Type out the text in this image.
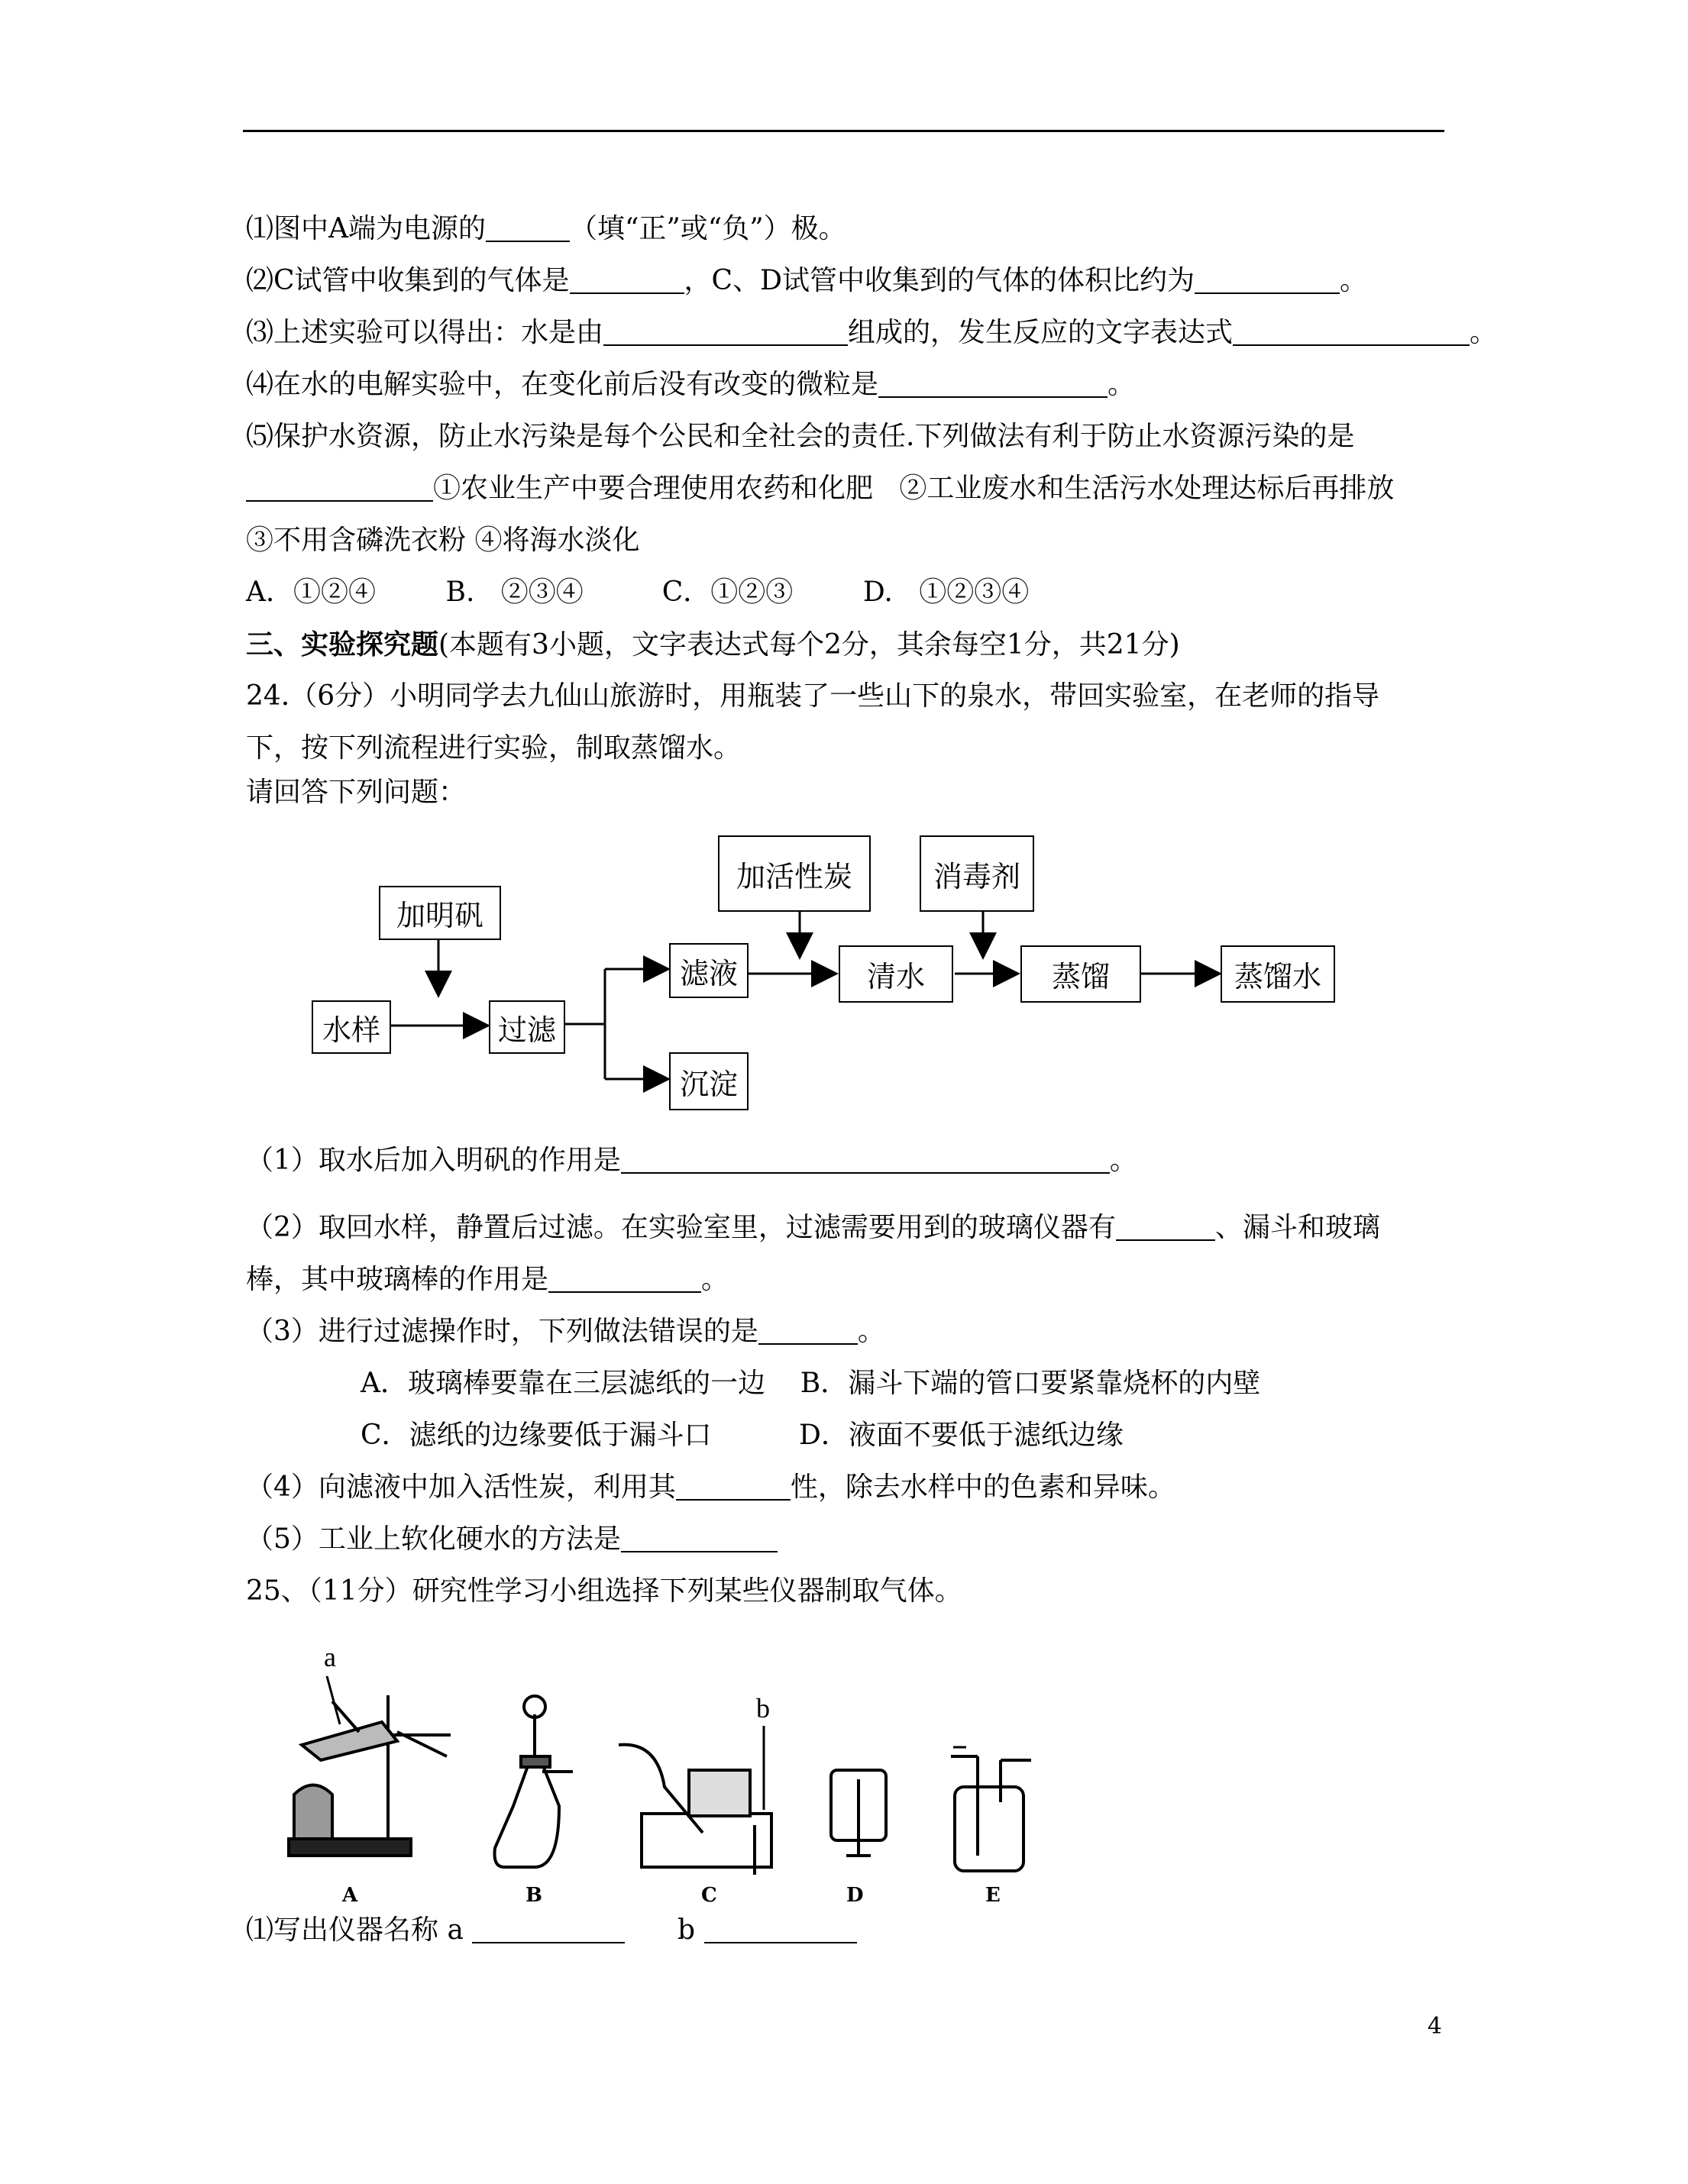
⑴图中A端为电源的	（填“正”或“负”）极。
⑵C试管中收集到的气体是	，C、D试管中收集到的气体的体积比约为	。
⑶上述实验可以得出：水是由	组成的，发生反应的文字表达式	。
⑷在水的电解实验中，在变化前后没有改变的微粒是	。
⑸保护水资源，防止水污染是每个公民和全社会的责任.下列做法有利于防止水资源污染的是
①农业生产中要合理使用农药和化肥   ②工业废水和生活污水处理达标后再排放
③不用含磷洗衣粉 ④将海水淡化
A．①②④        B.   ②③④         C．①②③        D.   ①②③④
三、实验探究题(本题有3小题，文字表达式每个2分，其余每空1分，共21分)
24.（6分）小明同学去九仙山旅游时，用瓶装了一些山下的泉水，带回实验室，在老师的指导
下，按下列流程进行实验，制取蒸馏水。
请回答下列问题：
加明矾
水样	过滤
滤液
沉淀
加活性炭
清水
消毒剂
蒸馏	蒸馏水
（1）取水后加入明矾的作用是	。
（2）取回水样，静置后过滤。在实验室里，过滤需要用到的玻璃仪器有	、漏斗和玻璃
棒，其中玻璃棒的作用是	。
（3）进行过滤操作时，下列做法错误的是	。
A．玻璃棒要靠在三层滤纸的一边 B．漏斗下端的管口要紧靠烧杯的内壁
C．滤纸的边缘要低于漏斗口	D．液面不要低于滤纸边缘
（4）向滤液中加入活性炭，利用其	性，除去水样中的色素和异味。
（5）工业上软化硬水的方法是
25、（11分）研究性学习小组选择下列某些仪器制取气体。
a
b
A	B	C	D	E
⑴写出仪器名称 a	b
4
